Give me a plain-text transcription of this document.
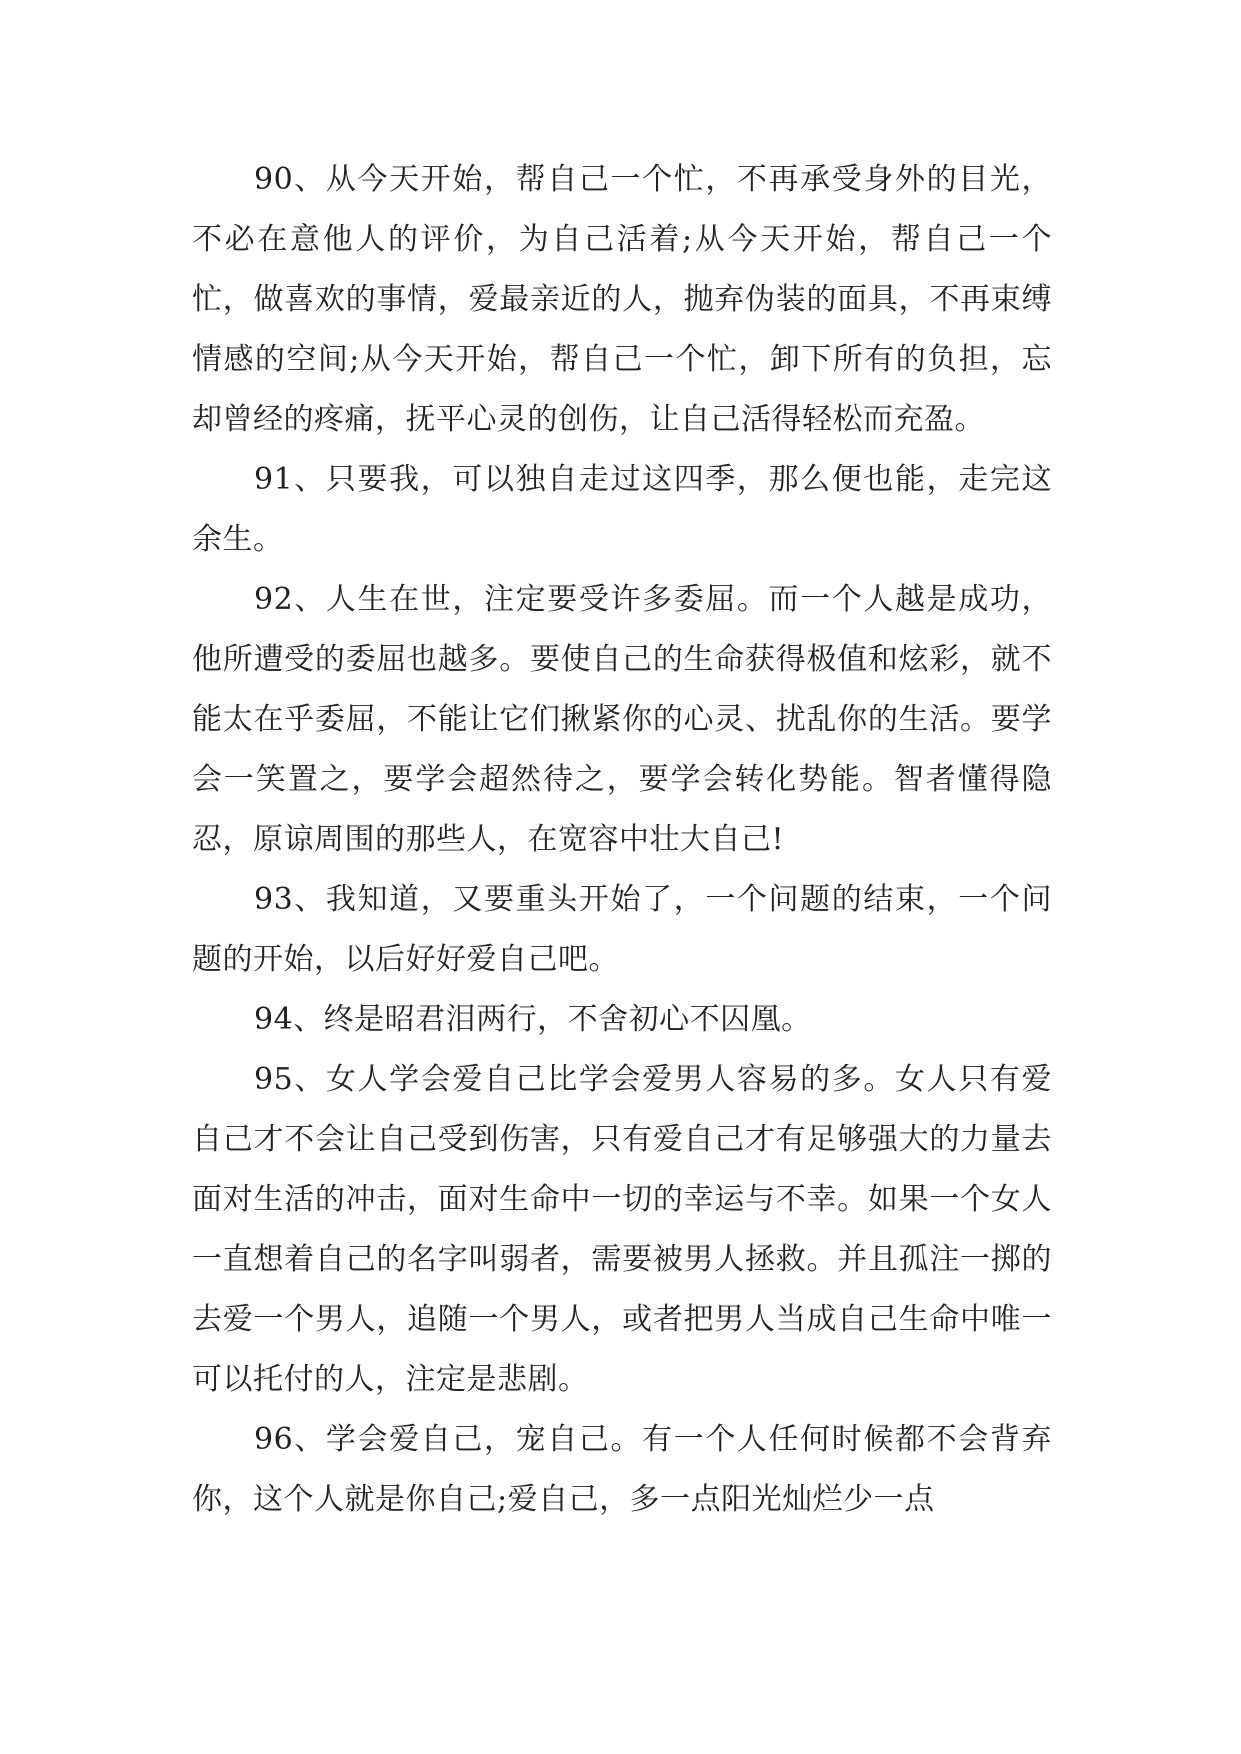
90、从今天开始，帮自己一个忙，不再承受身外的目光，不必在意他人的评价，为自己活着;从今天开始，帮自己一个忙，做喜欢的事情，爱最亲近的人，抛弃伪装的面具，不再束缚情感的空间;从今天开始，帮自己一个忙，卸下所有的负担，忘却曾经的疼痛，抚平心灵的创伤，让自己活得轻松而充盈。

91、只要我，可以独自走过这四季，那么便也能，走完这余生。

92、人生在世，注定要受许多委屈。而一个人越是成功，他所遭受的委屈也越多。要使自己的生命获得极值和炫彩，就不能太在乎委屈，不能让它们揪紧你的心灵、扰乱你的生活。要学会一笑置之，要学会超然待之，要学会转化势能。智者懂得隐忍，原谅周围的那些人，在宽容中壮大自己!

93、我知道，又要重头开始了，一个问题的结束，一个问题的开始，以后好好爱自己吧。

94、终是昭君泪两行，不舍初心不囚凰。

95、女人学会爱自己比学会爱男人容易的多。女人只有爱自己才不会让自己受到伤害，只有爱自己才有足够强大的力量去面对生活的冲击，面对生命中一切的幸运与不幸。如果一个女人一直想着自己的名字叫弱者，需要被男人拯救。并且孤注一掷的去爱一个男人，追随一个男人，或者把男人当成自己生命中唯一可以托付的人，注定是悲剧。

96、学会爱自己，宠自己。有一个人任何时候都不会背弃你，这个人就是你自己;爱自己，多一点阳光灿烂少一点
